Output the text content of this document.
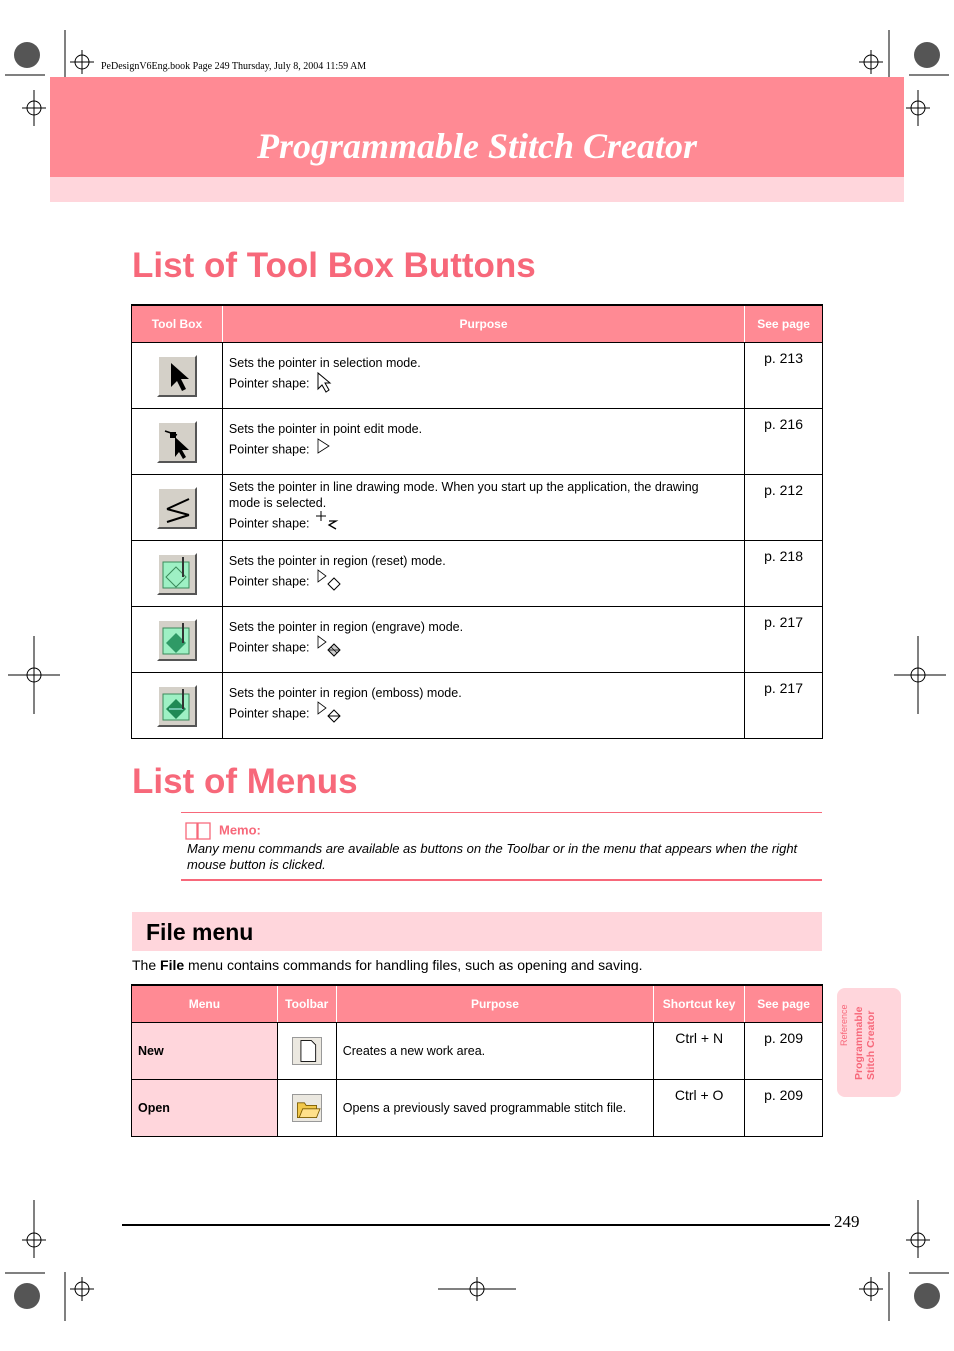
PeDesignV6Eng.book Page 249 Thursday, July 8, 2004 11:59 AM
Programmable Stitch Creator
List of Tool Box Buttons
Tool Box	Purpose	See page

Sets the pointer in selection mode.
Pointer shape:	p. 213

Sets the pointer in point edit mode.
Pointer shape:	p. 216

Sets the pointer in line drawing mode. When you start up the application, the drawing
mode is selected.
Pointer shape:	p. 212

Sets the pointer in region (reset) mode.
Pointer shape:	p. 218

Sets the pointer in region (engrave) mode.
Pointer shape:	p. 217

Sets the pointer in region (emboss) mode.
Pointer shape:	p. 217
List of Menus
Memo:
Many menu commands are available as buttons on the Toolbar or in the menu that appears when the right mouse button is clicked.
File menu
The File menu contains commands for handling files, such as opening and saving.
Menu	Toolbar	Purpose	Shortcut key	See page
New		Creates a new work area.	Ctrl + N	p. 209
Open		Opens a previously saved programmable stitch file.	Ctrl + O	p. 209
Reference Programmable
Stitch Creator
249
